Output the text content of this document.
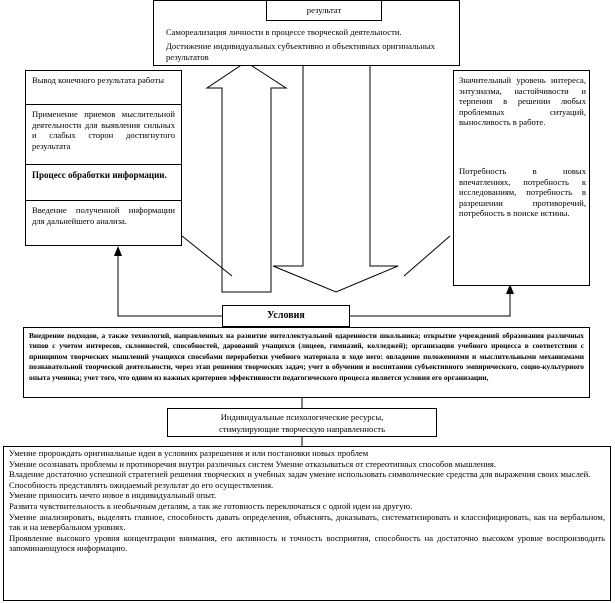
результат
Самореализация личности в процессе творческой деятельности.
Достижение индивидуальных субъективно и объективных оригинальных результатов
Вывод конечного результата работы
Применение приемов мыслительной деятельности для выявления сильных и слабых сторон достигнутого результата
Процесс обработки информации.
Введение полученной информации для дальнейшего анализа.
Значительный уровень интереса, энтузиазма, настойчивости и терпения в решении любых проблемных ситуаций, выносливость в работе.
Потребность в новых впечатлениях, потребность к исследованиям, потребность в разрешении противоречий, потребность в поиске истины.
Условия
Внедрение подходов, а также технологий, направленных на развитие интеллектуальной одаренности школьника; открытие учреждений образования различных типов с учетом интересов, склонностей, способностей, дарований учащихся (лицеев, гимназий, колледжей); организация учебного процесса в соответствии с принципом творческих мышлений учащихся способами переработки учебного материала в ходе него: овладение положениями и мыслительными механизмами познавательной творческой деятельности, через этап решения творческих задач; учет в обучении и воспитании субъективного эмпирического, социо-культурного опыта ученика; учет того, что одним из важных критериев эффективности педагогического процесса является условия его организации,
Индивидуальные психологические ресурсы,
стимулирующие творческую направленность

Умение пророждать оригинальные идеи в условиях разрешения и или постановки новых проблем

Умение осознавать проблемы и противоречия внутри различных систем Умение отказываться от стереотипных способов мышления.

Владение достаточно успешной стратегией решения творческих и учебных задач умение использовать символические средства для выражения своих мыслей.

Способность представлять ожидаемый результат до его осуществления.

Умение приносить нечто новое в индивидуальный опыт.

Развита чувствительность к необычным деталям, а так же готовность переключаться с одной идеи на другую.

Умение анализировать, выделять главное, способность давать определения, объяснять, доказывать, систематизировать и классифицировать, как на вербальном, так и на невербальном уровнях.

Проявление высокого уровня концентрации внимания, его активность и точность восприятия, способность на достаточно высоком уровне воспроизводить запоминающуюся информацию.
